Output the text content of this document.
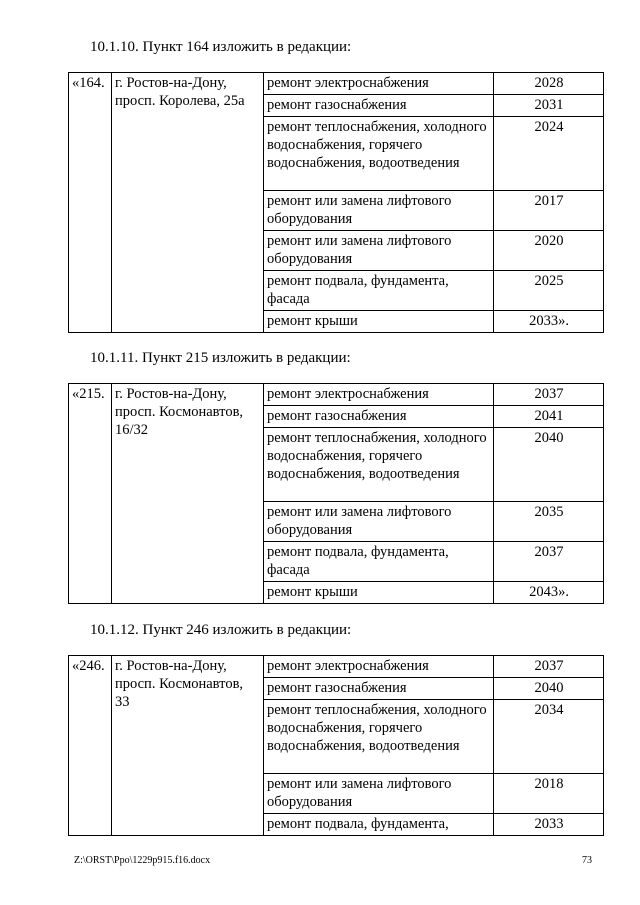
10.1.10. Пункт 164 изложить в редакции:
«164.	г. Ростов-на-Дону, просп. Королева, 25а	ремонт электроснабжения	2028
		ремонт газоснабжения	2031
		ремонт теплоснабжения, холодного водоснабжения, горячего водоснабжения, водоотведения	2024
		ремонт или замена лифтового оборудования	2017
		ремонт или замена лифтового оборудования	2020
		ремонт подвала, фундамента, фасада	2025
		ремонт крыши	2033».
10.1.11. Пункт 215 изложить в редакции:
«215.	г. Ростов-на-Дону, просп. Космонавтов, 16/32	ремонт электроснабжения	2037
		ремонт газоснабжения	2041
		ремонт теплоснабжения, холодного водоснабжения, горячего водоснабжения, водоотведения	2040
		ремонт или замена лифтового оборудования	2035
		ремонт подвала, фундамента, фасада	2037
		ремонт крыши	2043».
10.1.12. Пункт 246 изложить в редакции:
«246.	г. Ростов-на-Дону, просп. Космонавтов, 33	ремонт электроснабжения	2037
		ремонт газоснабжения	2040
		ремонт теплоснабжения, холодного водоснабжения, горячего водоснабжения, водоотведения	2034
		ремонт или замена лифтового оборудования	2018
		ремонт подвала, фундамента,	2033
Z:\ORST\Ppo\1229p915.f16.docx	73
